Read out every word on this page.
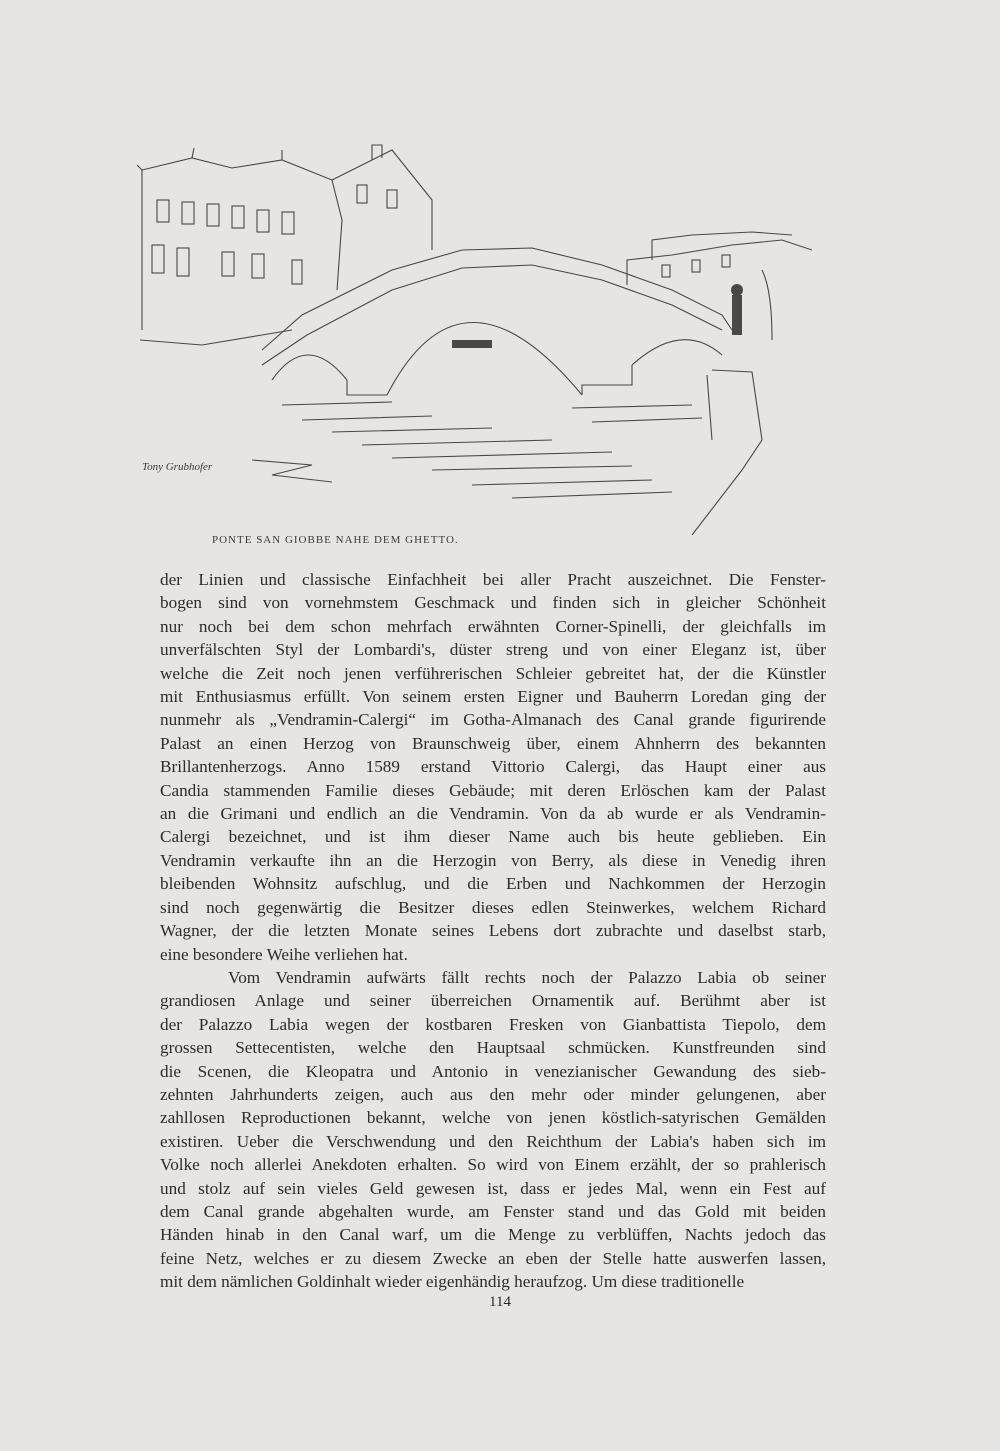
Tony Grubhofer
PONTE SAN GIOBBE NAHE DEM GHETTO.
der Linien und classische Einfachheit bei aller Pracht auszeichnet. Die Fenster-
bogen sind von vornehmstem Geschmack und finden sich in gleicher Schönheit
nur noch bei dem schon mehrfach erwähnten Corner-Spinelli, der gleichfalls im
unverfälschten Styl der Lombardi's, düster streng und von einer Eleganz ist, über
welche die Zeit noch jenen verführerischen Schleier gebreitet hat, der die Künstler
mit Enthusiasmus erfüllt. Von seinem ersten Eigner und Bauherrn Loredan ging der
nunmehr als „Vendramin-Calergi“ im Gotha-Almanach des Canal grande figurirende
Palast an einen Herzog von Braunschweig über, einem Ahnherrn des bekannten
Brillantenherzogs. Anno 1589 erstand Vittorio Calergi, das Haupt einer aus
Candia stammenden Familie dieses Gebäude; mit deren Erlöschen kam der Palast
an die Grimani und endlich an die Vendramin. Von da ab wurde er als Vendramin-
Calergi bezeichnet, und ist ihm dieser Name auch bis heute geblieben. Ein
Vendramin verkaufte ihn an die Herzogin von Berry, als diese in Venedig ihren
bleibenden Wohnsitz aufschlug, und die Erben und Nachkommen der Herzogin
sind noch gegenwärtig die Besitzer dieses edlen Steinwerkes, welchem Richard
Wagner, der die letzten Monate seines Lebens dort zubrachte und daselbst starb,
eine besondere Weihe verliehen hat.
Vom Vendramin aufwärts fällt rechts noch der Palazzo Labia ob seiner
grandiosen Anlage und seiner überreichen Ornamentik auf. Berühmt aber ist
der Palazzo Labia wegen der kostbaren Fresken von Gianbattista Tiepolo, dem
grossen Settecentisten, welche den Hauptsaal schmücken. Kunstfreunden sind
die Scenen, die Kleopatra und Antonio in venezianischer Gewandung des sieb-
zehnten Jahrhunderts zeigen, auch aus den mehr oder minder gelungenen, aber
zahllosen Reproductionen bekannt, welche von jenen köstlich-satyrischen Gemälden
existiren. Ueber die Verschwendung und den Reichthum der Labia's haben sich im
Volke noch allerlei Anekdoten erhalten. So wird von Einem erzählt, der so prahlerisch
und stolz auf sein vieles Geld gewesen ist, dass er jedes Mal, wenn ein Fest auf
dem Canal grande abgehalten wurde, am Fenster stand und das Gold mit beiden
Händen hinab in den Canal warf, um die Menge zu verblüffen, Nachts jedoch das
feine Netz, welches er zu diesem Zwecke an eben der Stelle hatte auswerfen lassen,
mit dem nämlichen Goldinhalt wieder eigenhändig heraufzog. Um diese traditionelle
114
